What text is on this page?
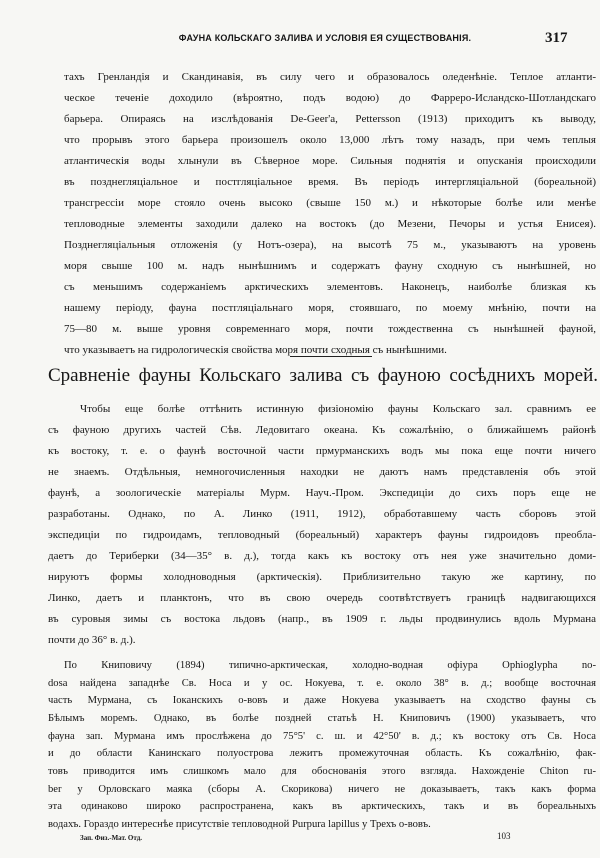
ФАУНА КОЛЬСКАГО ЗАЛИВА И УСЛОВІЯ ЕЯ СУЩЕСТВОВАНІЯ.	317
тахъ Гренландія и Скандинавія, въ силу чего и образовалось оледенѣніе. Теплое атланти-
ческое теченіе доходило (вѣроятно, подъ водою) до Фарреро-Исландско-Шотландскаго
барьера. Опираясь на изслѣдованія De-Geer'а, Pettersson (1913) приходитъ къ выводу,
что прорывъ этого барьера произошелъ около 13,000 лѣтъ тому назадъ, при чемъ теплыя
атлантическія воды хлынули въ Сѣверное море. Сильныя поднятія и опусканія происходили
въ позднегляціальное и постгляціальное время. Въ періодъ интергляціальной (бореальной)
трансгрессіи море стояло очень высоко (свыше 150 м.) и нѣкоторые болѣе или менѣе
тепловодные элементы заходили далеко на востокъ (до Мезени, Печоры и устья Енисея).
Позднегляціальныя отложенія (у Нотъ-озера), на высотѣ 75 м., указываютъ на уровень
моря свыше 100 м. надъ нынѣшнимъ и содержатъ фауну сходную съ нынѣшней, но
съ меньшимъ содержаніемъ арктическихъ элементовъ. Наконецъ, наиболѣе близкая къ
нашему періоду, фауна постгляціальнаго моря, стоявшаго, по моему мнѣнію, почти на
75—80 м. выше уровня современнаго моря, почти тождественна съ нынѣшней фауной,
что указываетъ на гидрологическія свойства моря почти сходныя съ нынѣшними.
Сравненіе фауны Кольскаго залива съ фауною сосѣднихъ морей.
Чтобы еще болѣе оттѣнить истинную физіономію фауны Кольскаго зал. сравнимъ ее
съ фауною другихъ частей Сѣв. Ледовитаго океана. Къ сожалѣнію, о ближайшемъ районѣ
къ востоку, т. е. о фаунѣ восточной части прмурманскихъ водъ мы пока еще почти ничего
не знаемъ. Отдѣльныя, немногочисленныя находки не даютъ намъ представленія объ этой
фаунѣ, а зоологическіе матеріалы Мурм. Науч.-Пром. Экспедиціи до сихъ поръ еще не
разработаны. Однако, по А. Линко (1911, 1912), обработавшему часть сборовъ этой
экспедиціи по гидроидамъ, тепловодный (бореальный) характеръ фауны гидроидовъ преобла-
даетъ до Териберки (34—35° в. д.), тогда какъ къ востоку отъ нея уже значительно доми-
нируютъ формы холодноводныя (арктическія). Приблизительно такую же картину, по
Линко, даетъ и планктонъ, что въ свою очередь соотвѣтствуетъ границѣ надвигающихся
въ суровыя зимы съ востока льдовъ (напр., въ 1909 г. льды продвинулись вдоль Мурмана
почти до 36° в. д.).
По Книповичу (1894) типично-арктическая, холодно-водная офіура Ophioglypha no-
dosa найдена западнѣе Св. Носа и у ос. Нокуева, т. е. около 38° в. д.; вообще восточная
часть Мурмана, съ Іоканскихъ о-вовъ и даже Нокуева указываетъ на сходство фауны съ
Бѣлымъ моремъ. Однако, въ болѣе поздней статьѣ Н. Книповичъ (1900) указываетъ, что
фауна зап. Мурмана имъ прослѣжена до 75°5' с. ш. и 42°50' в. д.; къ востоку отъ Св. Носа
и до области Канинскаго полуострова лежитъ промежуточная область. Къ сожалѣнію, фак-
товъ приводится имъ слишкомъ мало для обоснованія этого взгляда. Нахожденіе Chiton ru-
ber у Орловскаго маяка (сборы А. Скорикова) ничего не доказываетъ, такъ какъ форма
эта одинаково широко распространена, какъ въ арктическихъ, такъ и въ бореальныхъ
водахъ. Гораздо интереснѣе присутствіе тепловодной Purpura lapillus у Трехъ о-вовъ.
Зап. Физ.-Мат. Отд.	103
